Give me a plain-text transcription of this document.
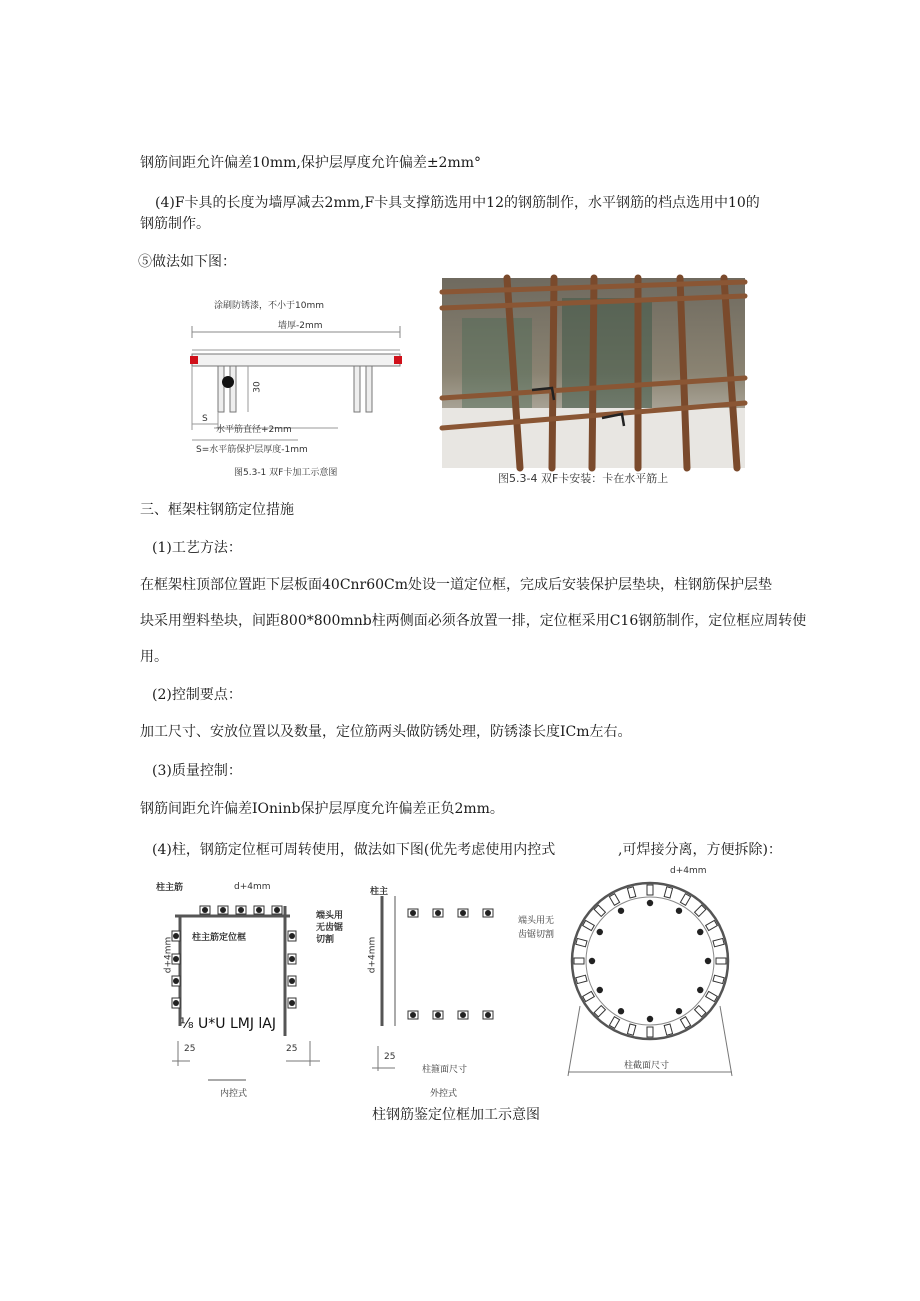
钢筋间距允许偏差10mm,保护层厚度允许偏差±2mm°
(4)F卡具的长度为墙厚减去2mm,F卡具支撑筋选用中12的钢筋制作，水平钢筋的档点选用中10的
钢筋制作。
⑤做法如下图：
涂刷防锈漆，不小于10mm
墙厚-2mm
30
S
水平筋直径+2mm
S=水平筋保护层厚度-1mm
图5.3-1 双F卡加工示意图	图5.3-4 双F卡安装：卡在水平筋上
三、框架柱钢筋定位措施
(1)工艺方法：
在框架柱顶部位置距下层板面40Cnr60Cm处设一道定位框，完成后安装保护层垫块，柱钢筋保护层垫
块采用塑料垫块，间距800*800mnb柱两侧面必须各放置一排，定位框采用C16钢筋制作，定位框应周转使
用。
(2)控制要点：
加工尺寸、安放位置以及数量，定位筋两头做防锈处理，防锈漆长度ICm左右。
(3)质量控制：
钢筋间距允许偏差IOninb保护层厚度允许偏差正负2mm。
(4)柱，钢筋定位框可周转使用，做法如下图(优先考虑使用内控式	,可焊接分离，方便拆除)：
柱主筋	d+4mm
柱主筋定位框
d+4mm
端头用无齿锯切割
⅛ U*U LMJ lAJ
25	25
内控式
柱主
d+4mm
25
柱箍面尺寸
外控式
d+4mm
端头用无齿锯切割
柱截面尺寸
柱钢筋鉴定位框加工示意图
